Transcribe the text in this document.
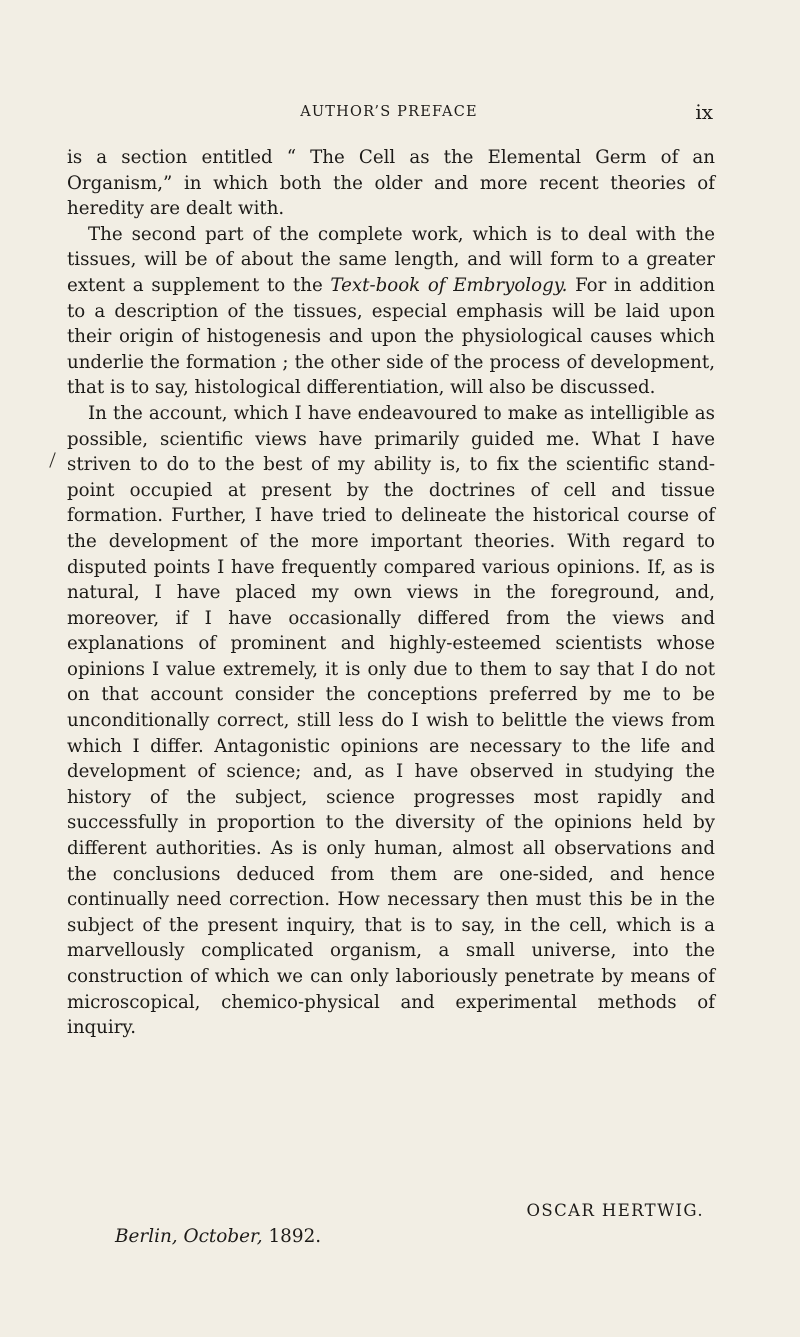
AUTHOR’S PREFACE	ix

is a section entitled “ The Cell as the Elemental Germ of an Organism,” in which both the older and more recent theories of heredity are dealt with.

The second part of the complete work, which is to deal with the tissues, will be of about the same length, and will form to a greater extent a supplement to the Text-book of Embryology. For in addition to a description of the tissues, especial emphasis will be laid upon their origin of histogenesis and upon the physiological causes which underlie the formation ; the other side of the process of development, that is to say, histological differentiation, will also be discussed.

In the account, which I have endeavoured to make as intelligible as possible, scientific views have primarily guided me. What I have striven to do to the best of my ability is, to fix the scientific stand-point occupied at present by the doctrines of cell and tissue formation. Further, I have tried to delineate the historical course of the development of the more important theories. With regard to disputed points I have frequently compared various opinions. If, as is natural, I have placed my own views in the foreground, and, moreover, if I have occasionally differed from the views and explanations of prominent and highly-esteemed scientists whose opinions I value extremely, it is only due to them to say that I do not on that account consider the conceptions preferred by me to be unconditionally correct, still less do I wish to belittle the views from which I differ. Antagonistic opinions are necessary to the life and development of science; and, as I have observed in studying the history of the subject, science progresses most rapidly and successfully in proportion to the diversity of the opinions held by different authorities. As is only human, almost all observations and the conclusions deduced from them are one-sided, and hence continually need correction. How necessary then must this be in the subject of the present inquiry, that is to say, in the cell, which is a marvellously complicated organism, a small universe, into the construction of which we can only laboriously penetrate by means of microscopical, chemico-physical and experimental methods of inquiry.

OSCAR HERTWIG.
Berlin, October, 1892.
